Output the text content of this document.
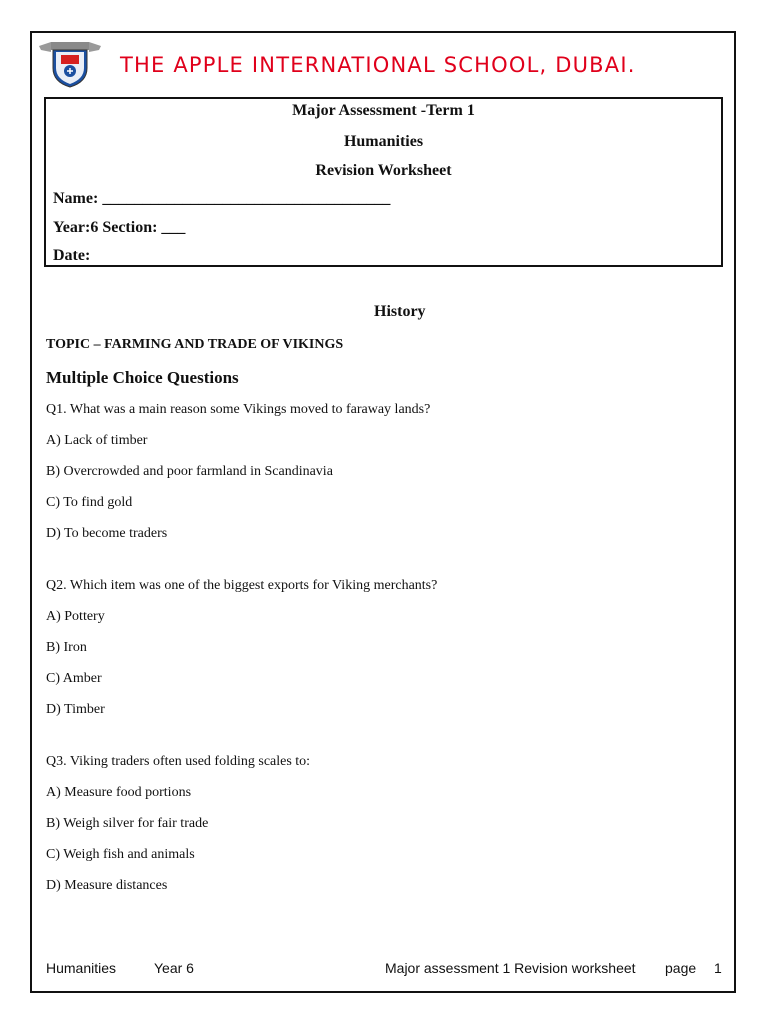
THE APPLE INTERNATIONAL SCHOOL, DUBAI.
Major Assessment -Term 1
Humanities
Revision Worksheet
Name: ____________________________________
Year:6 Section: ___
Date:
History
TOPIC – FARMING AND TRADE OF VIKINGS
Multiple Choice Questions
Q1. What was a main reason some Vikings moved to faraway lands?
A) Lack of timber
B) Overcrowded and poor farmland in Scandinavia
C) To find gold
D) To become traders
Q2. Which item was one of the biggest exports for Viking merchants?
A) Pottery
B) Iron
C) Amber
D) Timber
Q3. Viking traders often used folding scales to:
A) Measure food portions
B) Weigh silver for fair trade
C) Weigh fish and animals
D) Measure distances
Humanities	Year 6	Major assessment 1 Revision worksheet page 1
